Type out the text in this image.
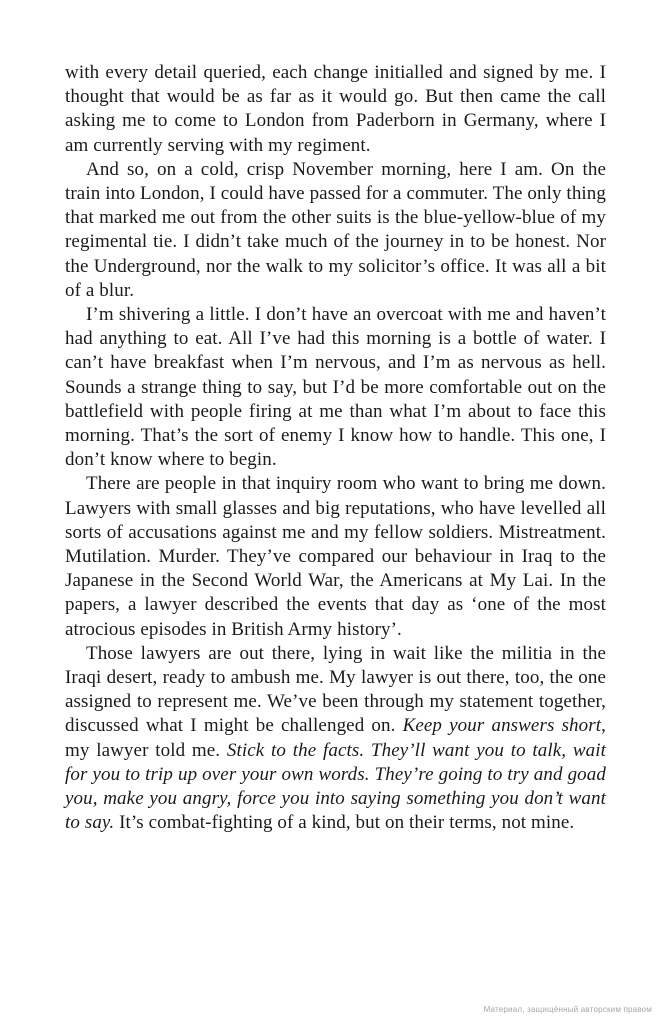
with every detail queried, each change initialled and signed by me. I thought that would be as far as it would go. But then came the call asking me to come to London from Paderborn in Germany, where I am currently serving with my regiment.

And so, on a cold, crisp November morning, here I am. On the train into London, I could have passed for a commuter. The only thing that marked me out from the other suits is the blue-yellow-blue of my regimental tie. I didn’t take much of the journey in to be honest. Nor the Underground, nor the walk to my solicitor’s office. It was all a bit of a blur.

I’m shivering a little. I don’t have an overcoat with me and haven’t had anything to eat. All I’ve had this morning is a bottle of water. I can’t have breakfast when I’m nervous, and I’m as nervous as hell. Sounds a strange thing to say, but I’d be more comfortable out on the battlefield with people firing at me than what I’m about to face this morning. That’s the sort of enemy I know how to handle. This one, I don’t know where to begin.

There are people in that inquiry room who want to bring me down. Lawyers with small glasses and big reputations, who have levelled all sorts of accusations against me and my fellow soldiers. Mistreatment. Mutilation. Murder. They’ve compared our behaviour in Iraq to the Japanese in the Second World War, the Americans at My Lai. In the papers, a lawyer described the events that day as ‘one of the most atrocious episodes in British Army history’.

Those lawyers are out there, lying in wait like the militia in the Iraqi desert, ready to ambush me. My lawyer is out there, too, the one assigned to represent me. We’ve been through my statement together, discussed what I might be challenged on. Keep your answers short, my lawyer told me. Stick to the facts. They’ll want you to talk, wait for you to trip up over your own words. They’re going to try and goad you, make you angry, force you into saying something you don’t want to say. It’s combat-fighting of a kind, but on their terms, not mine.

Материал, защищённый авторским правом
